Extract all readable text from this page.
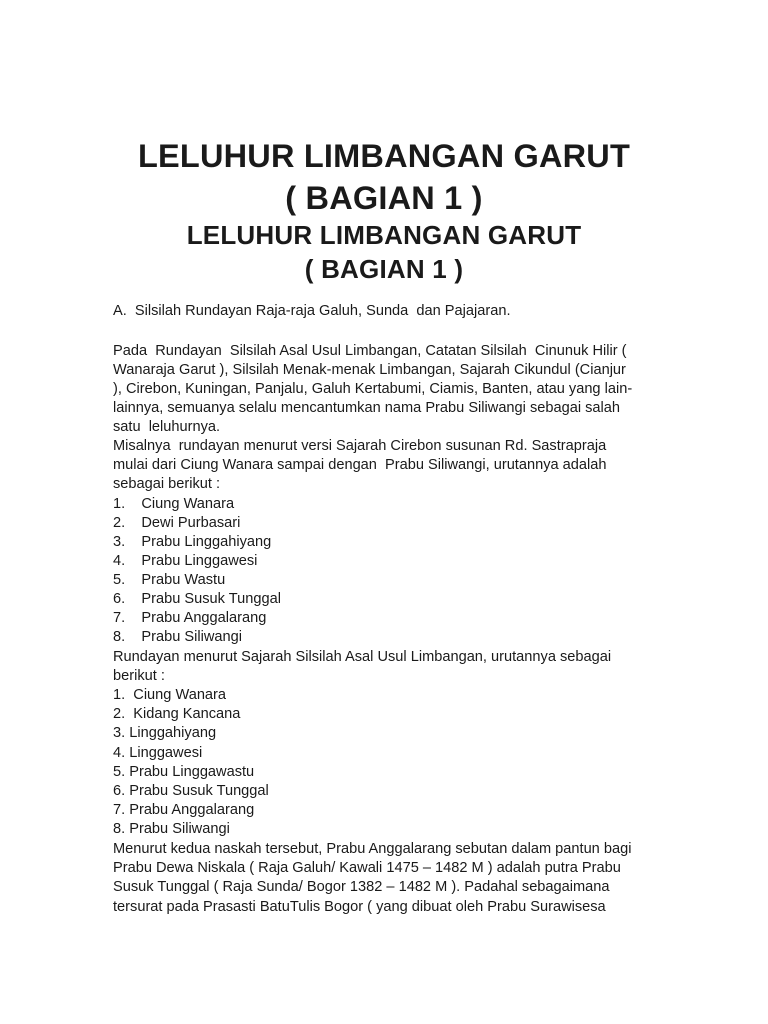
LELUHUR LIMBANGAN GARUT
( BAGIAN 1 )
LELUHUR LIMBANGAN GARUT
( BAGIAN 1 )
A.  Silsilah Rundayan Raja-raja Galuh, Sunda  dan Pajajaran.
Pada  Rundayan  Silsilah Asal Usul Limbangan, Catatan Silsilah  Cinunuk Hilir (
Wanaraja Garut ), Silsilah Menak-menak Limbangan, Sajarah Cikundul (Cianjur
), Cirebon, Kuningan, Panjalu, Galuh Kertabumi, Ciamis, Banten, atau yang lain-
lainnya, semuanya selalu mencantumkan nama Prabu Siliwangi sebagai salah
satu  leluhurnya.
Misalnya  rundayan menurut versi Sajarah Cirebon susunan Rd. Sastrapraja
mulai dari Ciung Wanara sampai dengan  Prabu Siliwangi, urutannya adalah
sebagai berikut :
1.    Ciung Wanara
2.    Dewi Purbasari
3.    Prabu Linggahiyang
4.    Prabu Linggawesi
5.    Prabu Wastu
6.    Prabu Susuk Tunggal
7.    Prabu Anggalarang
8.    Prabu Siliwangi
Rundayan menurut Sajarah Silsilah Asal Usul Limbangan, urutannya sebagai
berikut :
1.  Ciung Wanara
2.  Kidang Kancana
3. Linggahiyang
4. Linggawesi
5. Prabu Linggawastu
6. Prabu Susuk Tunggal
7. Prabu Anggalarang
8. Prabu Siliwangi
Menurut kedua naskah tersebut, Prabu Anggalarang sebutan dalam pantun bagi
Prabu Dewa Niskala ( Raja Galuh/ Kawali 1475 – 1482 M ) adalah putra Prabu
Susuk Tunggal ( Raja Sunda/ Bogor 1382 – 1482 M ). Padahal sebagaimana
tersurat pada Prasasti BatuTulis Bogor ( yang dibuat oleh Prabu Surawisesa
